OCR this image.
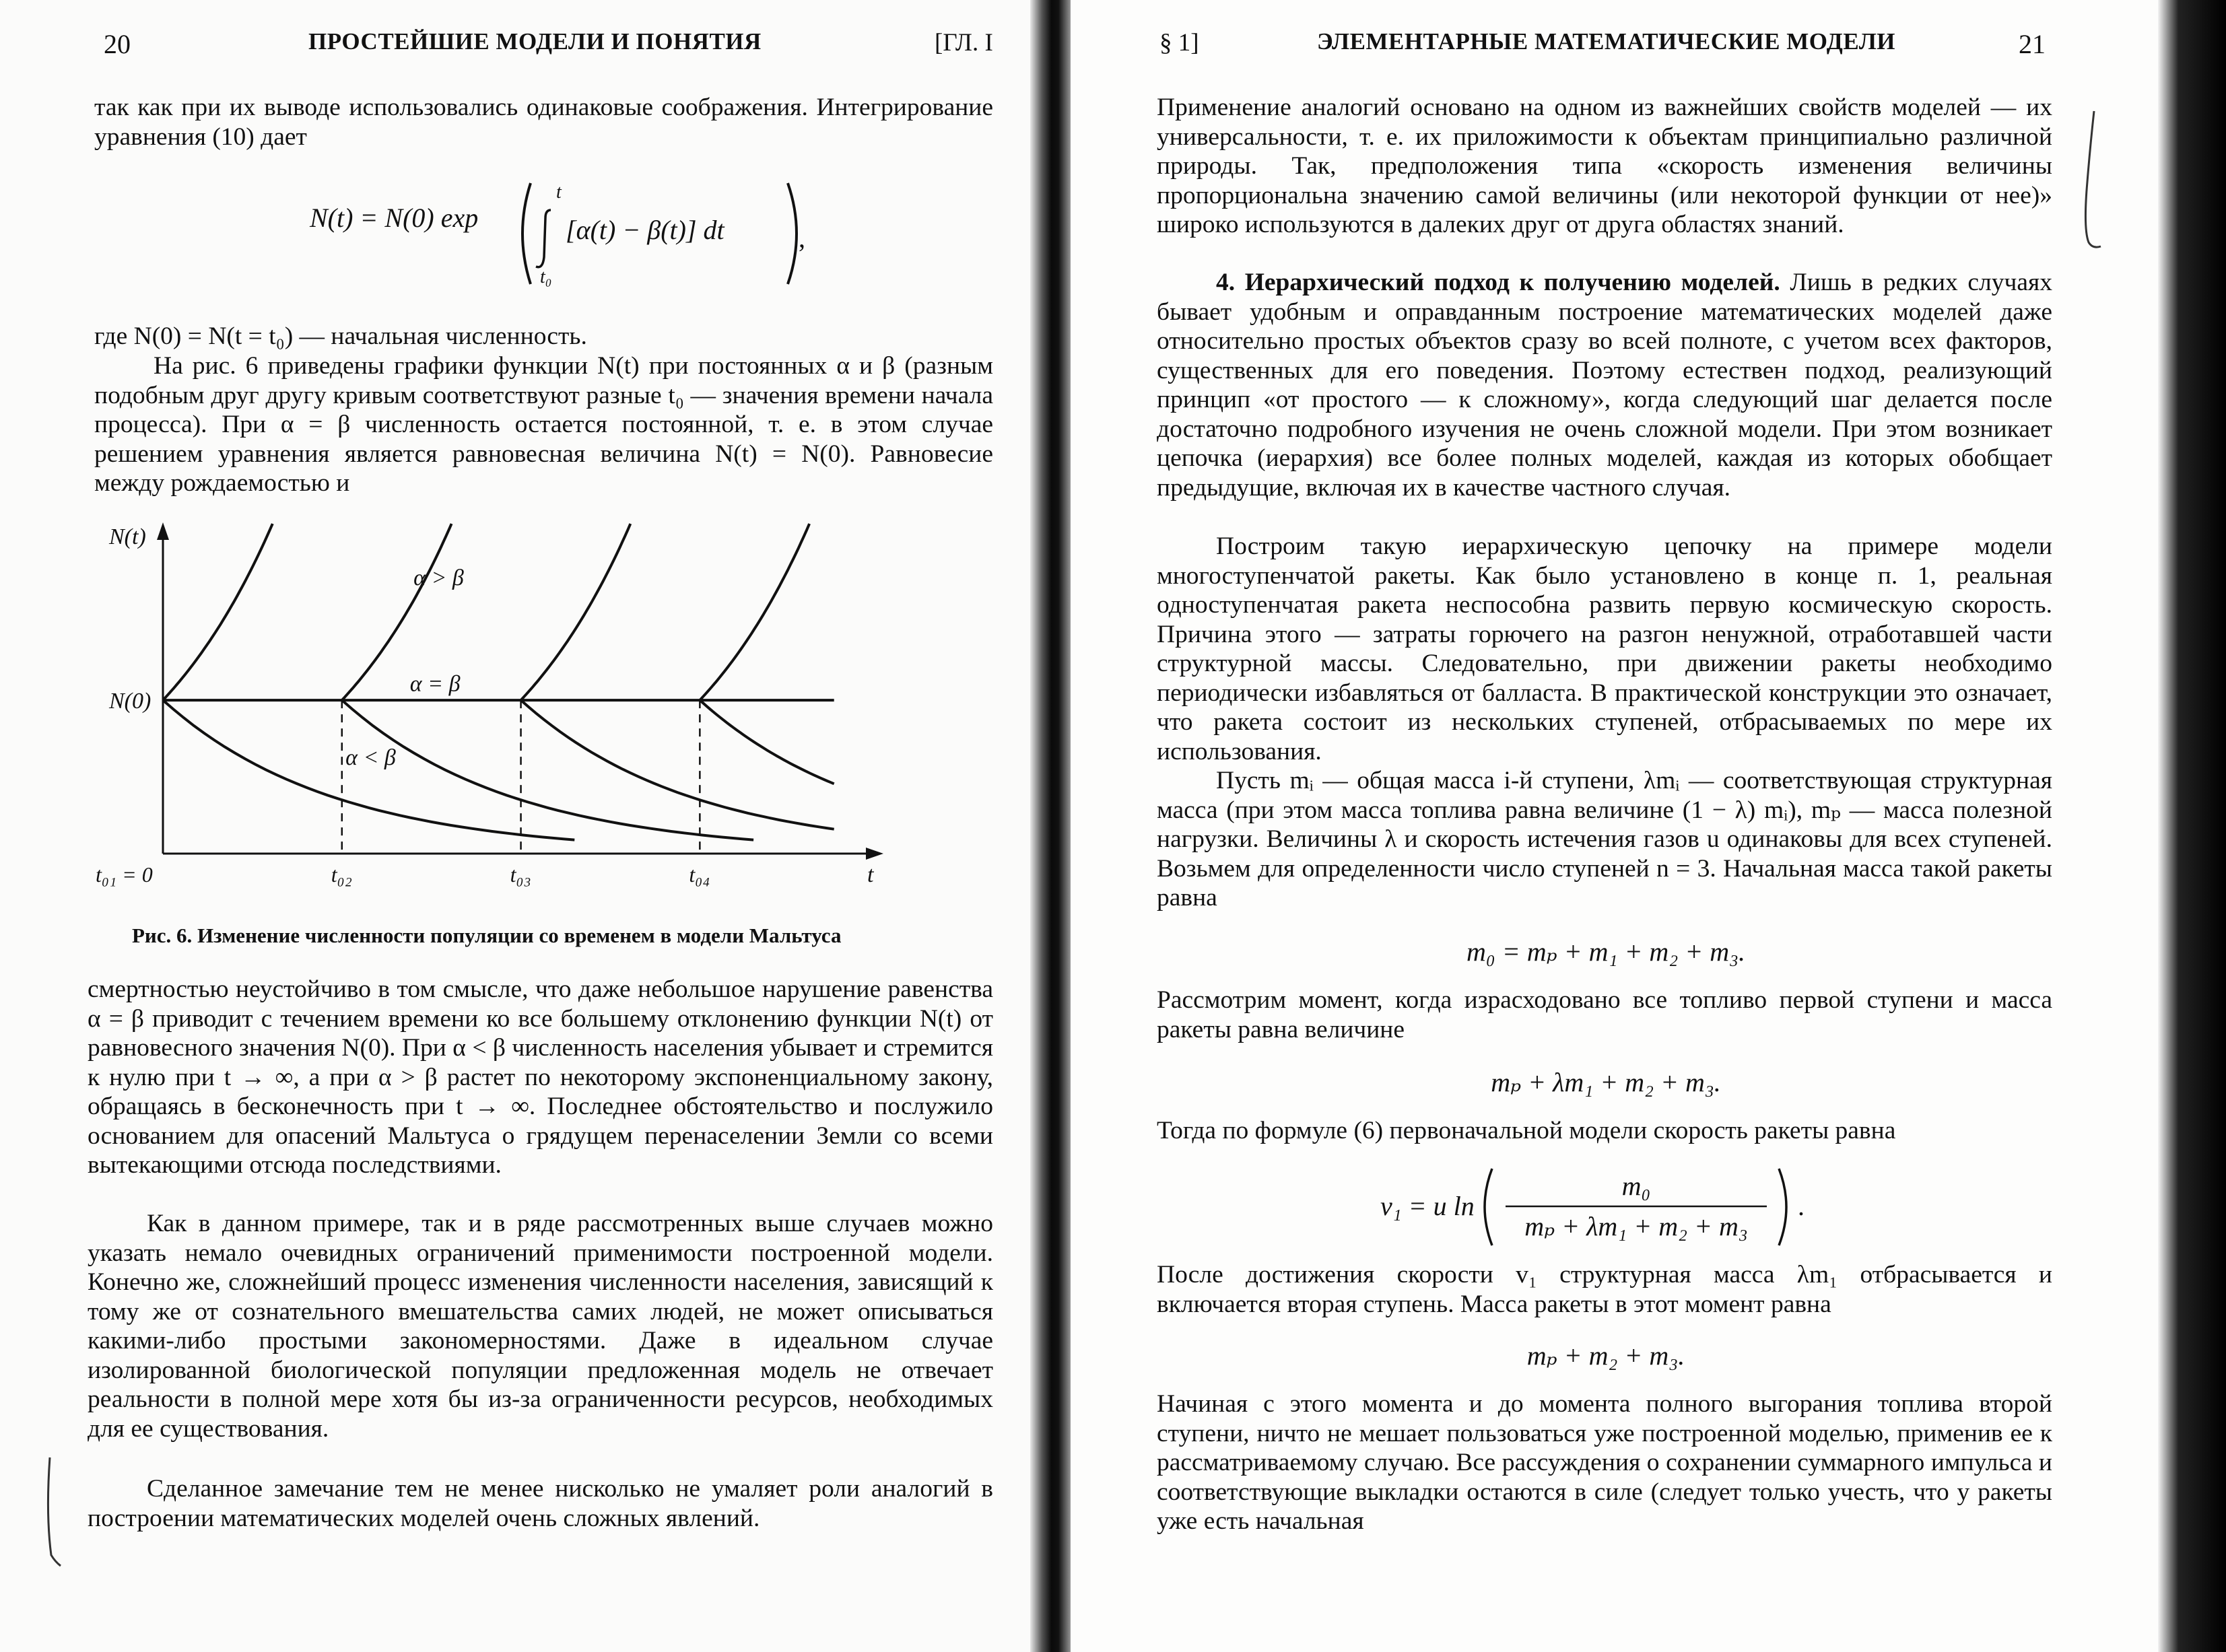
20	ПРОСТЕЙШИЕ МОДЕЛИ И ПОНЯТИЯ	[ГЛ. I

так как при их выводе использовались одинаковые соображения. Интегрирование уравнения (10) дает

N(t) = N(0) exp
t
t₀
[α(t) − β(t)] dt	,

где N(0) = N(t = t₀) — начальная численность.

На рис. 6 приведены графики функции N(t) при постоянных α и β (разным подобным друг другу кривым соответствуют разные t₀ — значения времени начала процесса). При α = β численность остается постоянной, т. е. в этом случае решением уравнения является равновесная величина N(t) = N(0). Равновесие между рождаемостью и

t₀₁ = 0	t₀₂	t₀₃	t₀₄
N(0)
N(t)
t
α > β
α = β
α < β
Рис. 6. Изменение численности популяции со временем в модели Мальтуса

смертностью неустойчиво в том смысле, что даже небольшое нарушение равенства α = β приводит с течением времени ко все большему отклонению функции N(t) от равновесного значения N(0). При α < β численность населения убывает и стремится к нулю при t → ∞, а при α > β растет по некоторому экспоненциальному закону, обращаясь в бесконечность при t → ∞. Последнее обстоятельство и послужило основанием для опасений Мальтуса о грядущем перенаселении Земли со всеми вытекающими отсюда последствиями.

Как в данном примере, так и в ряде рассмотренных выше случаев можно указать немало очевидных ограничений применимости построенной модели. Конечно же, сложнейший процесс изменения численности населения, зависящий к тому же от сознательного вмешательства самих людей, не может описываться какими-либо простыми закономерностями. Даже в идеальном случае изолированной биологической популяции предложенная модель не отвечает реальности в полной мере хотя бы из-за ограниченности ресурсов, необходимых для ее существования.

Сделанное замечание тем не менее нисколько не умаляет роли аналогий в построении математических моделей очень сложных явлений.

§ 1]	ЭЛЕМЕНТАРНЫЕ МАТЕМАТИЧЕСКИЕ МОДЕЛИ	21

Применение аналогий основано на одном из важнейших свойств моделей — их универсальности, т. е. их приложимости к объектам принципиально различной природы. Так, предположения типа «скорость изменения величины пропорциональна значению самой величины (или некоторой функции от нее)» широко используются в далеких друг от друга областях знаний.

4. Иерархический подход к получению моделей. Лишь в редких случаях бывает удобным и оправданным построение математических моделей даже относительно простых объектов сразу во всей полноте, с учетом всех факторов, существенных для его поведения. Поэтому естествен подход, реализующий принцип «от простого — к сложному», когда следующий шаг делается после достаточно подробного изучения не очень сложной модели. При этом возникает цепочка (иерархия) все более полных моделей, каждая из которых обобщает предыдущие, включая их в качестве частного случая.

Построим такую иерархическую цепочку на примере модели многоступенчатой ракеты. Как было установлено в конце п. 1, реальная одноступенчатая ракета неспособна развить первую космическую скорость. Причина этого — затраты горючего на разгон ненужной, отработавшей части структурной массы. Следовательно, при движении ракеты необходимо периодически избавляться от балласта. В практической конструкции это означает, что ракета состоит из нескольких ступеней, отбрасываемых по мере их использования.

Пусть mᵢ — общая масса i-й ступени, λmᵢ — соответствующая структурная масса (при этом масса топлива равна величине (1 − λ) mᵢ), mₚ — масса полезной нагрузки. Величины λ и скорость истечения газов u одинаковы для всех ступеней. Возьмем для определенности число ступеней n = 3. Начальная масса такой ракеты равна

m₀ = mₚ + m₁ + m₂ + m₃.

Рассмотрим момент, когда израсходовано все топливо первой ступени и масса ракеты равна величине

mₚ + λm₁ + m₂ + m₃.

Тогда по формуле (6) первоначальной модели скорость ракеты равна

v₁ = u ln
m₀
mₚ + λm₁ + m₂ + m₃
.

После достижения скорости v₁ структурная масса λm₁ отбрасывается и включается вторая ступень. Масса ракеты в этот момент равна

mₚ + m₂ + m₃.

Начиная с этого момента и до момента полного выгорания топлива второй ступени, ничто не мешает пользоваться уже построенной моделью, применив ее к рассматриваемому случаю. Все рассуждения о сохранении суммарного импульса и соответствующие выкладки остаются в силе (следует только учесть, что у ракеты уже есть начальная
